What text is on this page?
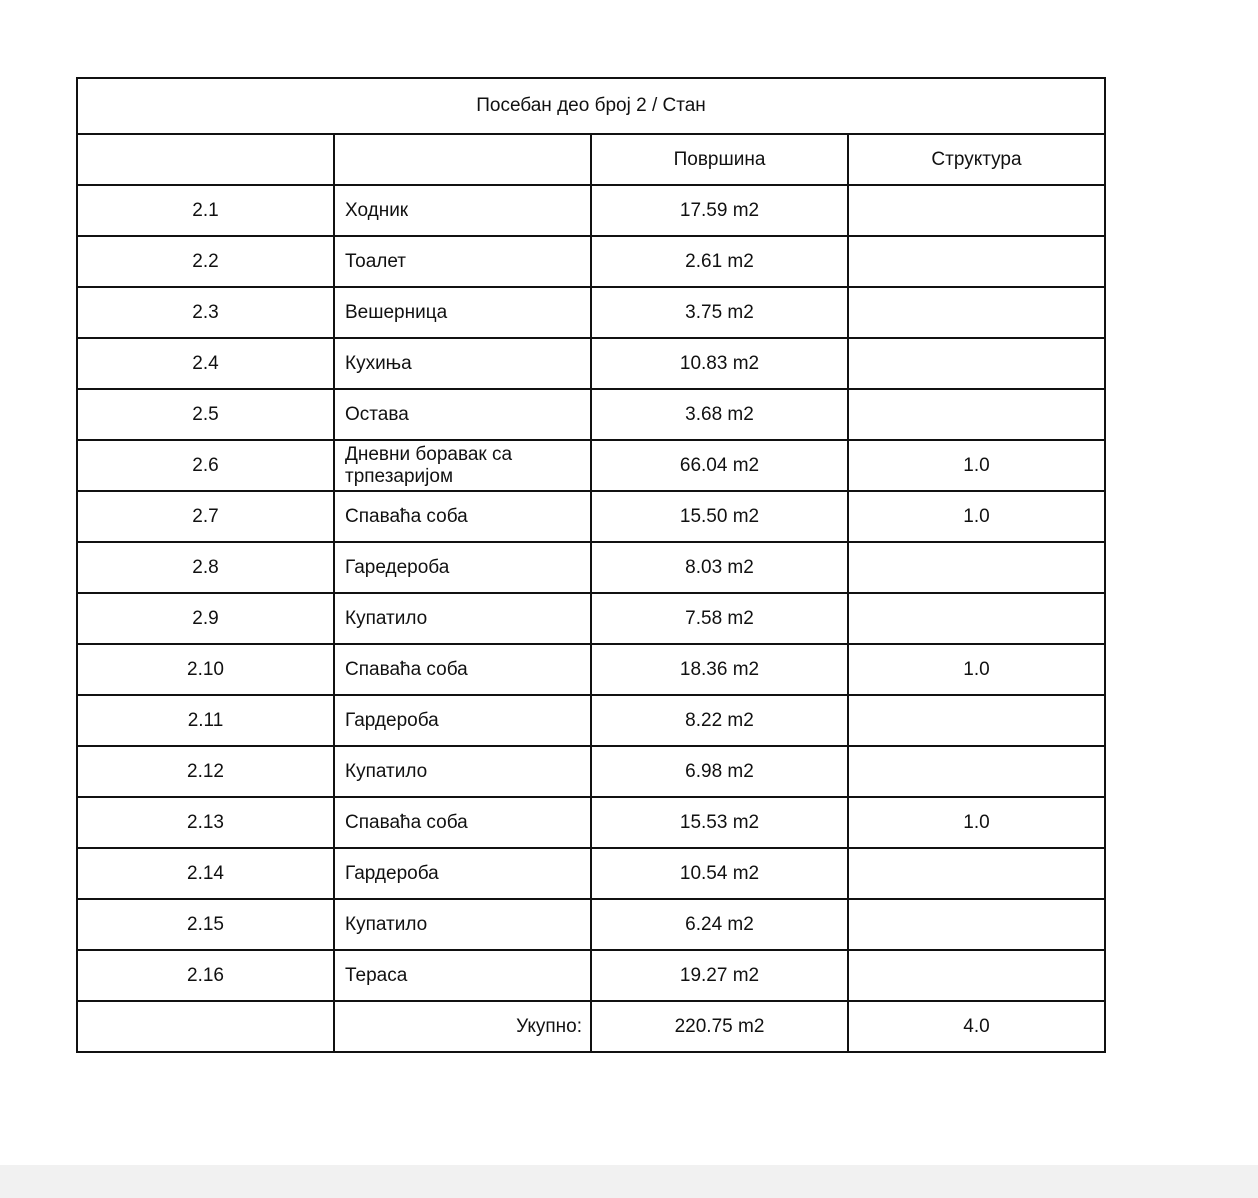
Посебан део број 2 / Стан			
		Површина	Структура
2.1	Ходник	17.59 m2	
2.2	Тоалет	2.61 m2	
2.3	Вешерница	3.75 m2	
2.4	Кухиња	10.83 m2	
2.5	Остава	3.68 m2	
2.6	Дневни боравак са трпезаријом	66.04 m2	1.0
2.7	Спаваћа соба	15.50 m2	1.0
2.8	Гаредероба	8.03 m2	
2.9	Купатило	7.58 m2	
2.10	Спаваћа соба	18.36 m2	1.0
2.11	Гардероба	8.22 m2	
2.12	Купатило	6.98 m2	
2.13	Спаваћа соба	15.53 m2	1.0
2.14	Гардероба	10.54 m2	
2.15	Купатило	6.24 m2	
2.16	Тераса	19.27 m2	
	Укупно:	220.75 m2	4.0
